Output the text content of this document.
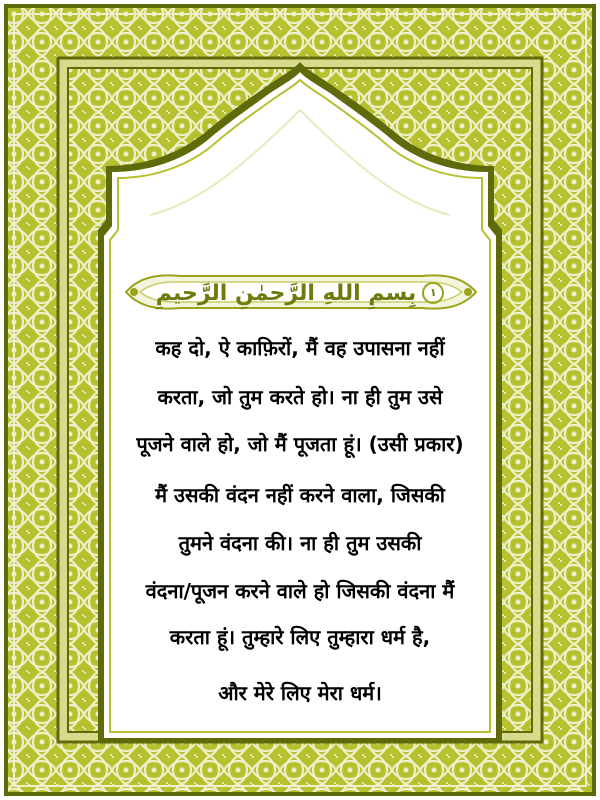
١
بِسمِ اللهِ الرَّحمٰنِ الرَّحيمِ
कह दो, ऐ काफ़िरों, मैं वह उपासना नहीं
करता, जो तुम करते हो। ना ही तुम उसे
पूजने वाले हो, जो मैं पूजता हूं। (उसी प्रकार)
मैं उसकी वंदन नहीं करने वाला, जिसकी
तुमने वंदना की। ना ही तुम उसकी
वंदना/पूजन करने वाले हो जिसकी वंदना मैं
करता हूं। तुम्हारे लिए तुम्हारा धर्म है,
और मेरे लिए मेरा धर्म।
